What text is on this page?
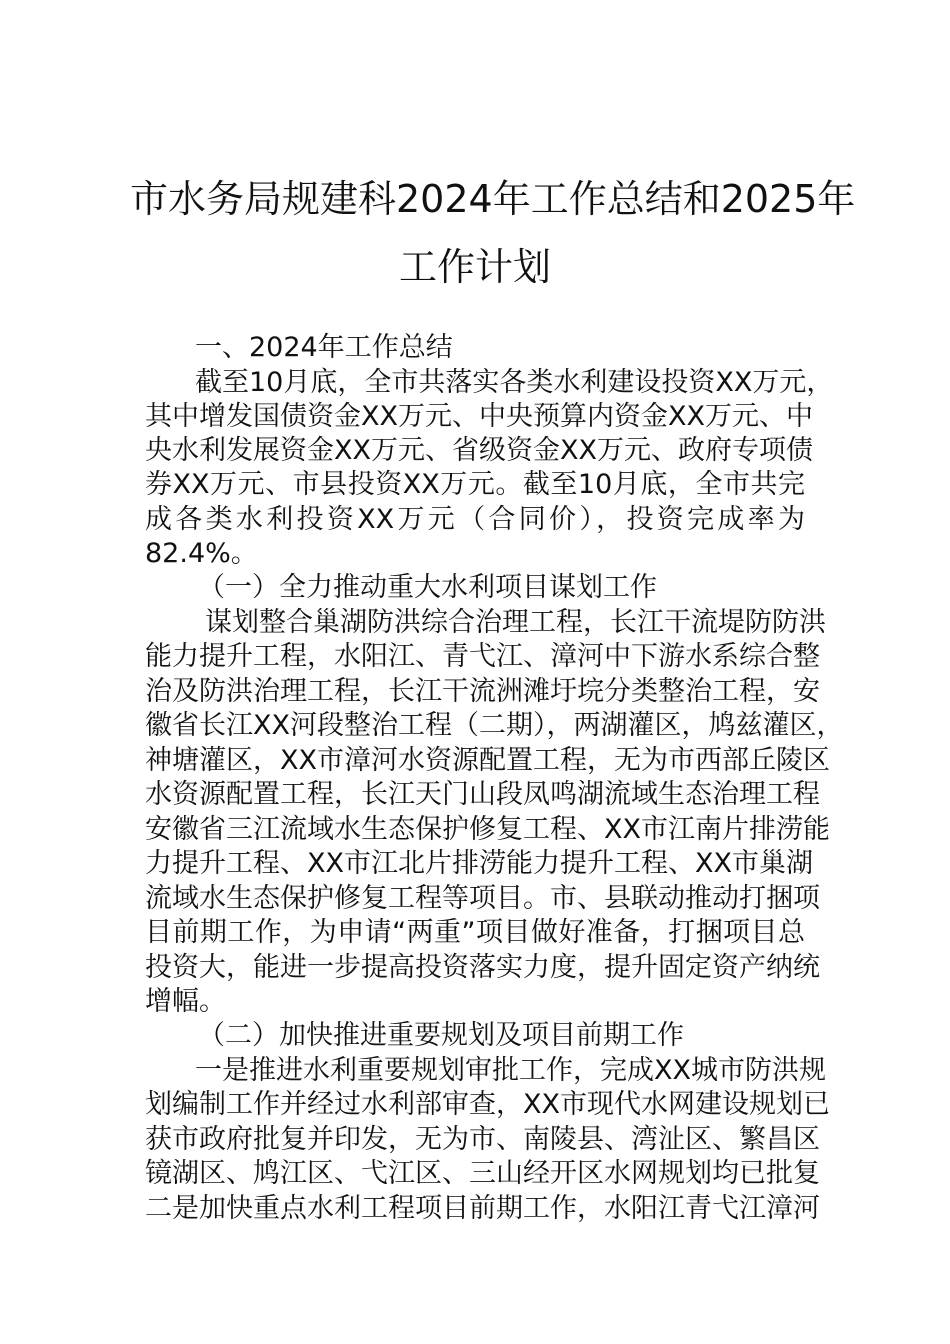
市水务局规建科2024年工作总结和2025年
工作计划
一、2024年工作总结
截至10月底，全市共落实各类水利建设投资XX万元，
其中增发国债资金XX万元、中央预算内资金XX万元、中
央水利发展资金XX万元、省级资金XX万元、政府专项债
券XX万元、市县投资XX万元。截至10月底，全市共完
成各类水利投资XX万元（合同价），投资完成率为
82.4%。
（一）全力推动重大水利项目谋划工作
谋划整合巢湖防洪综合治理工程，长江干流堤防防洪
能力提升工程，水阳江、青弋江、漳河中下游水系综合整
治及防洪治理工程，长江干流洲滩圩垸分类整治工程，安
徽省长江XX河段整治工程（二期），两湖灌区，鸠兹灌区，
神塘灌区，XX市漳河水资源配置工程，无为市西部丘陵区
水资源配置工程，长江天门山段凤鸣湖流域生态治理工程
安徽省三江流域水生态保护修复工程、XX市江南片排涝能
力提升工程、XX市江北片排涝能力提升工程、XX市巢湖
流域水生态保护修复工程等项目。市、县联动推动打捆项
目前期工作，为申请“两重”项目做好准备，打捆项目总
投资大，能进一步提高投资落实力度，提升固定资产纳统
增幅。
（二）加快推进重要规划及项目前期工作
一是推进水利重要规划审批工作，完成XX城市防洪规
划编制工作并经过水利部审查，XX市现代水网建设规划已
获市政府批复并印发，无为市、南陵县、湾沚区、繁昌区
镜湖区、鸠江区、弋江区、三山经开区水网规划均已批复
二是加快重点水利工程项目前期工作，水阳江青弋江漳河
